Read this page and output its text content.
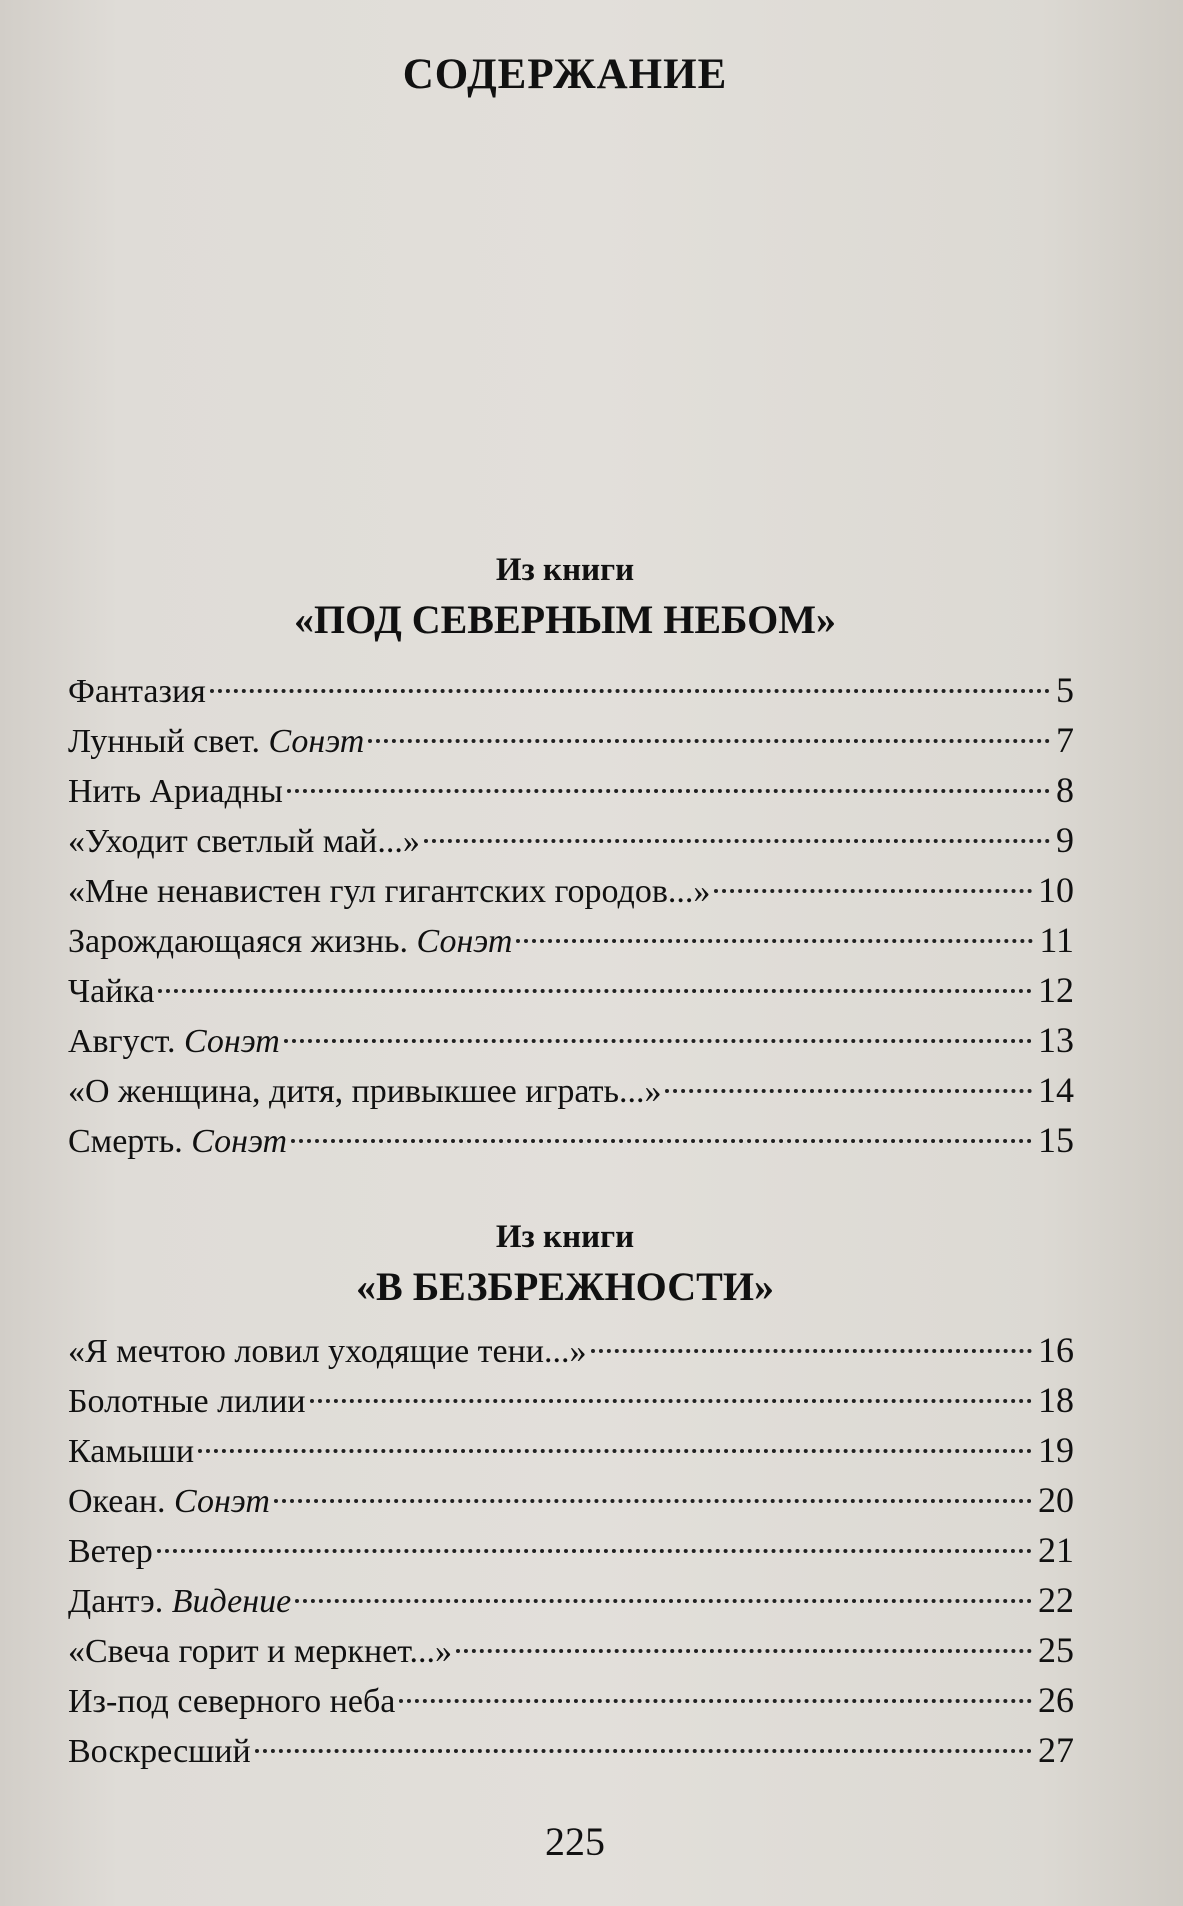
СОДЕРЖАНИЕ
Из книги
«ПОД СЕВЕРНЫМ НЕБОМ»
Фантазия	5
Лунный свет. Сонэт	7
Нить Ариадны	8
«Уходит светлый май...»	9
«Мне ненавистен гул гигантских городов...»	10
Зарождающаяся жизнь. Сонэт	11
Чайка	12
Август. Сонэт	13
«О женщина, дитя, привыкшее играть...»	14
Смерть. Сонэт	15
Из книги
«В БЕЗБРЕЖНОСТИ»
«Я мечтою ловил уходящие тени...»	16
Болотные лилии	18
Камыши	19
Океан. Сонэт	20
Ветер	21
Дантэ. Видение	22
«Свеча горит и меркнет...»	25
Из-под северного неба	26
Воскресший	27
225
